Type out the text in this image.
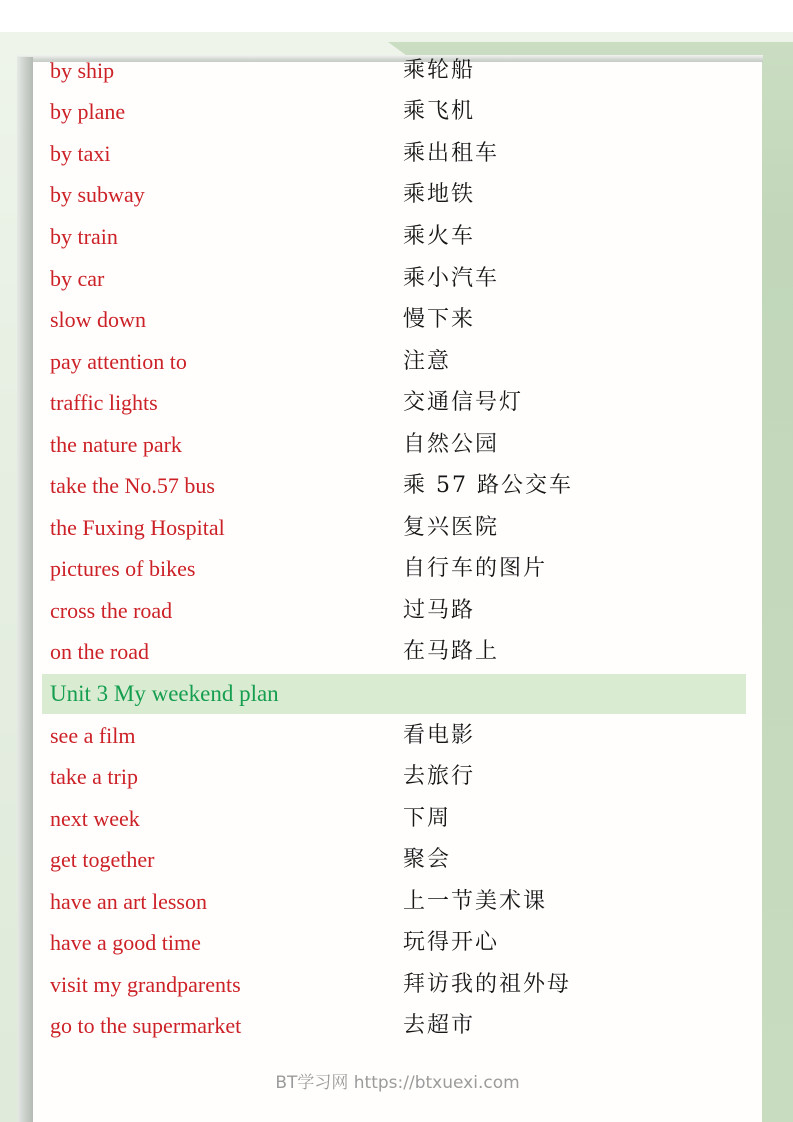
by ship	乘轮船
by plane	乘飞机
by taxi	乘出租车
by subway	乘地铁
by train	乘火车
by car	乘小汽车
slow down	慢下来
pay attention to	注意
traffic lights	交通信号灯
the nature park	自然公园
take the No.57 bus	乘 57 路公交车
the Fuxing Hospital	复兴医院
pictures of bikes	自行车的图片
cross the road	过马路
on the road	在马路上
Unit 3 My weekend plan
see a film	看电影
take a trip	去旅行
next week	下周
get together	聚会
have an art lesson	上一节美术课
have a good time	玩得开心
visit my grandparents	拜访我的祖外母
go to the supermarket	去超市
BT学习网 https://btxuexi.com
